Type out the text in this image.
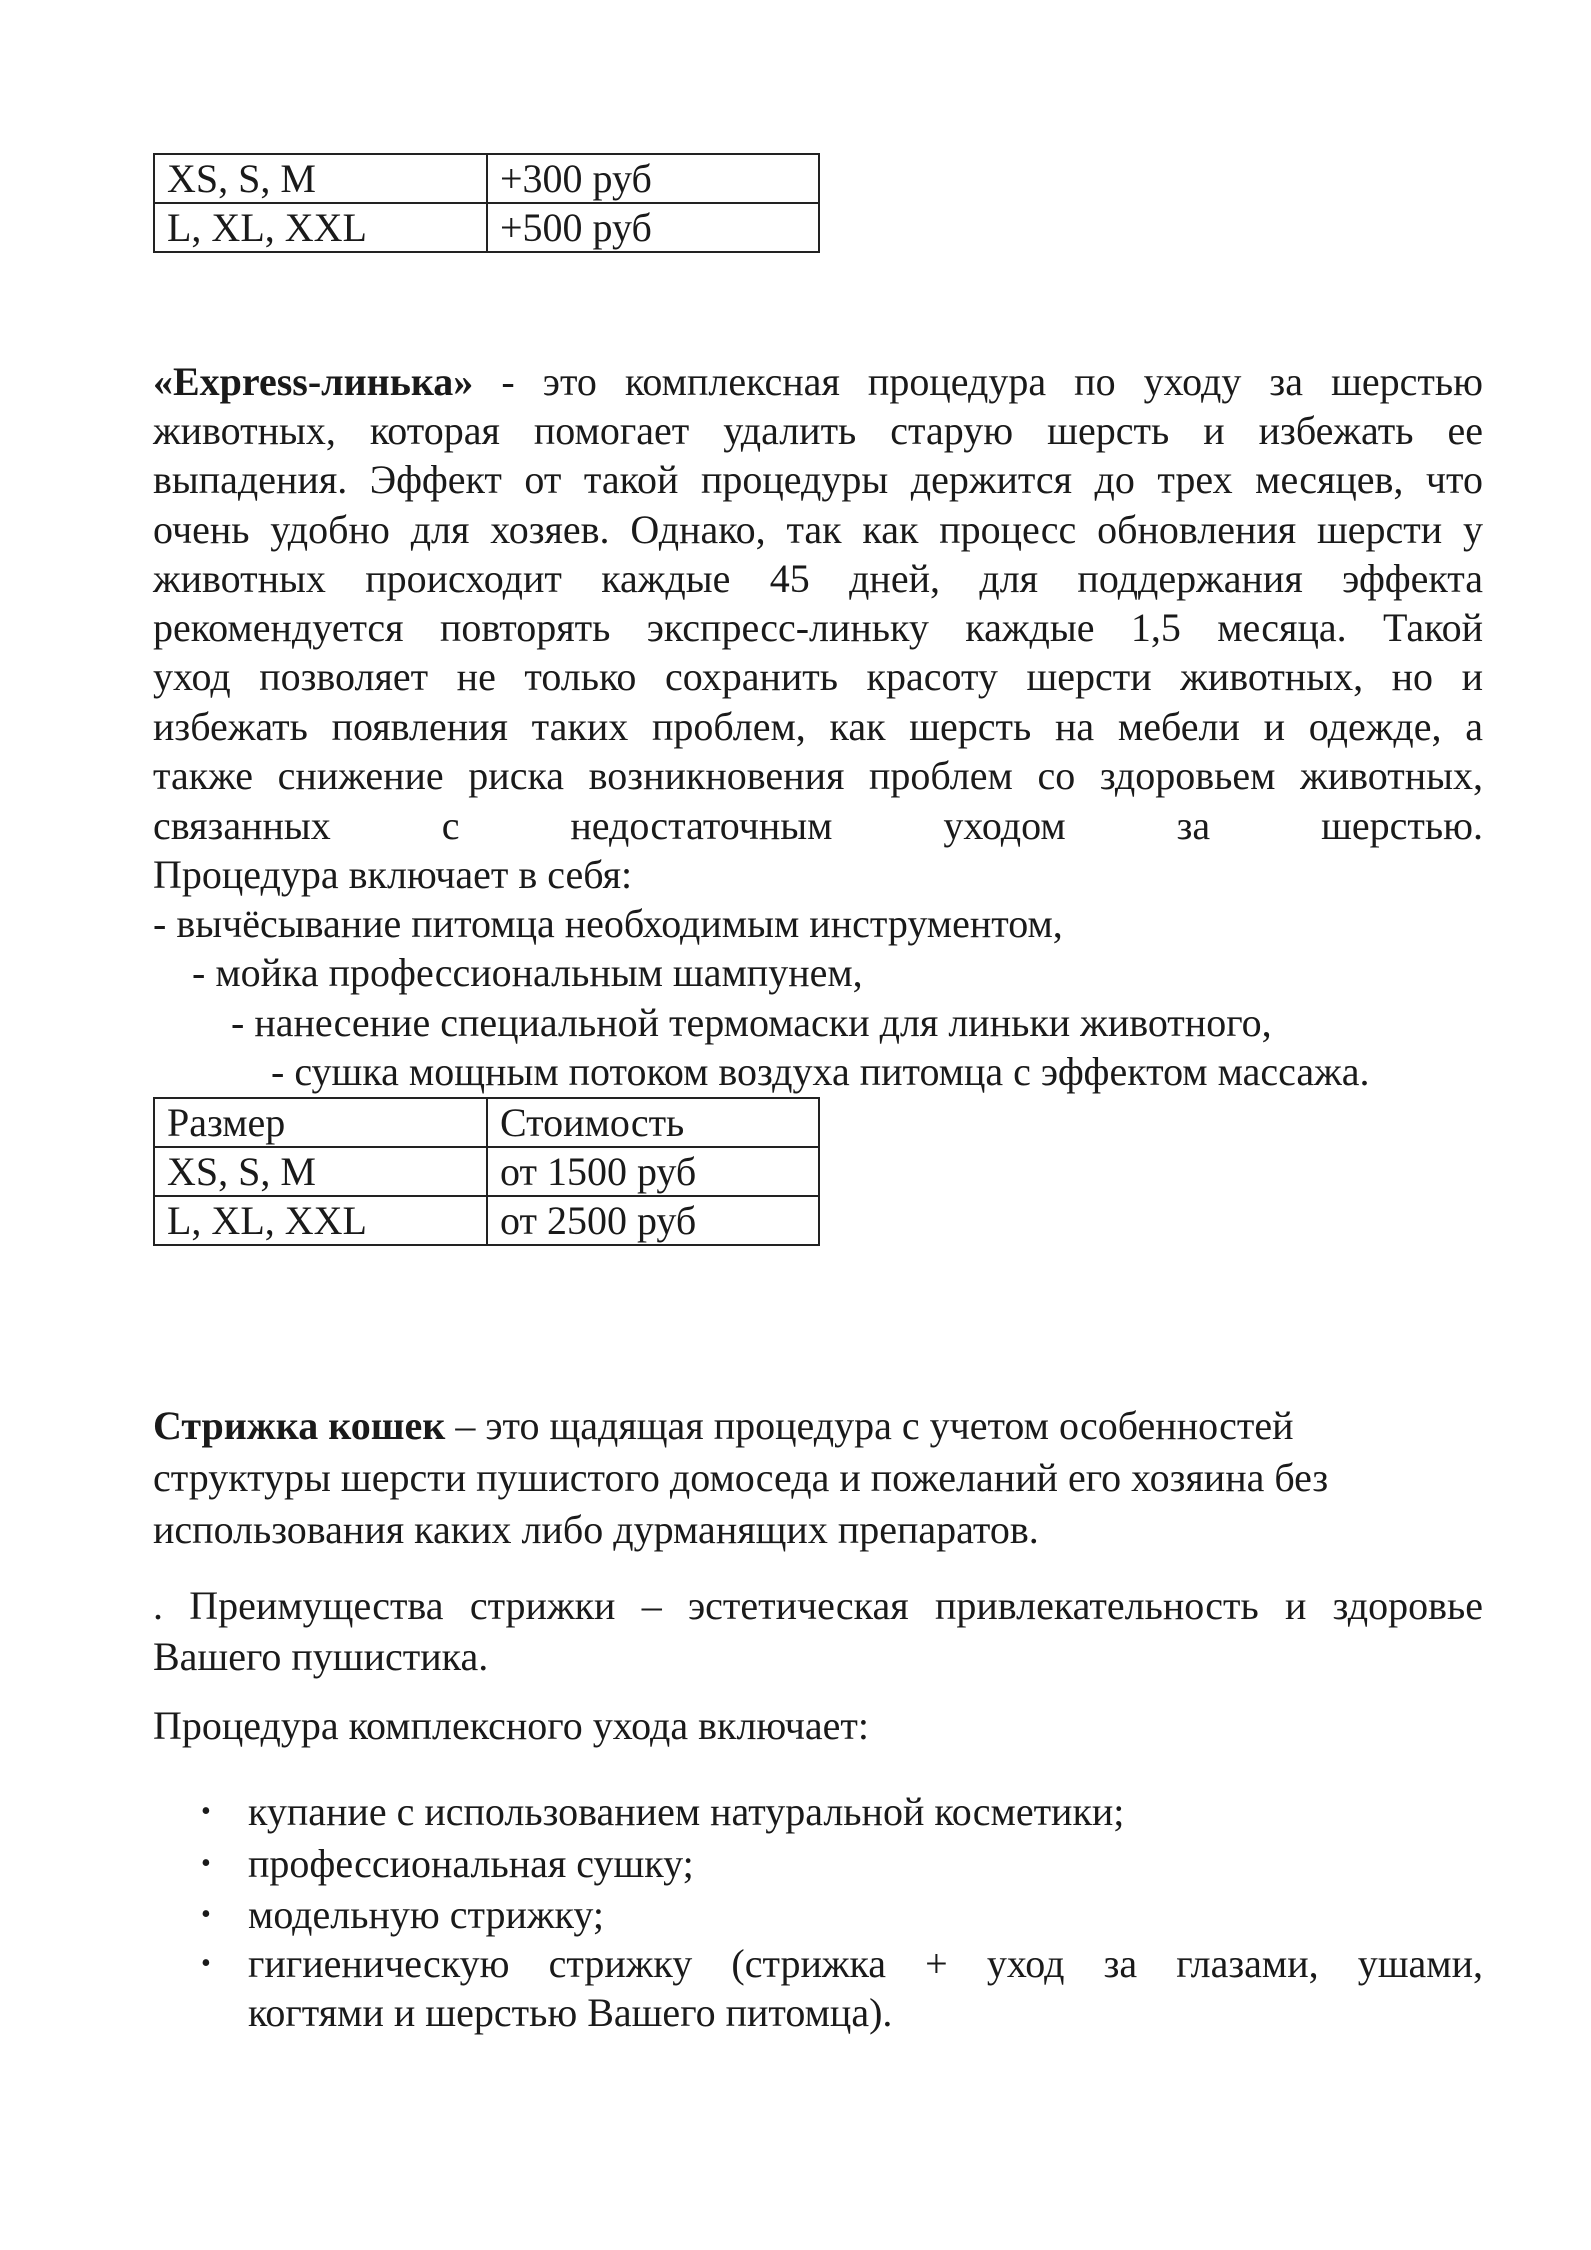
XS, S, M	+300 руб
L, XL, XXL	+500 руб
«Express-линька» - это комплексная процедура по уходу за шерстью
животных, которая помогает удалить старую шерсть и избежать ее
выпадения. Эффект от такой процедуры держится до трех месяцев, что
очень удобно для хозяев. Однако, так как процесс обновления шерсти у
животных происходит каждые 45 дней, для поддержания эффекта
рекомендуется повторять экспресс-линьку каждые 1,5 месяца. Такой
уход позволяет не только сохранить красоту шерсти животных, но и
избежать появления таких проблем, как шерсть на мебели и одежде, а
также снижение риска возникновения проблем со здоровьем животных,
связанных с недостаточным уходом за шерстью.
Процедура включает в себя:
- вычёсывание питомца необходимым инструментом,
- мойка профессиональным шампунем,
- нанесение специальной термомаски для линьки животного,
- сушка мощным потоком воздуха питомца с эффектом массажа.
Размер	Стоимость
XS, S, M	от 1500 руб
L, XL, XXL	от 2500 руб
Стрижка кошек – это щадящая процедура с учетом особенностей
структуры шерсти пушистого домоседа и пожеланий его хозяина без
использования каких либо дурманящих препаратов.
. Преимущества стрижки – эстетическая привлекательность и здоровье
Вашего пушистика.
Процедура комплексного ухода включает:
• купание с использованием натуральной косметики;
• профессиональная сушку;
• модельную стрижку;
• гигиеническую стрижку (стрижка + уход за глазами, ушами,
когтями и шерстью Вашего питомца).
